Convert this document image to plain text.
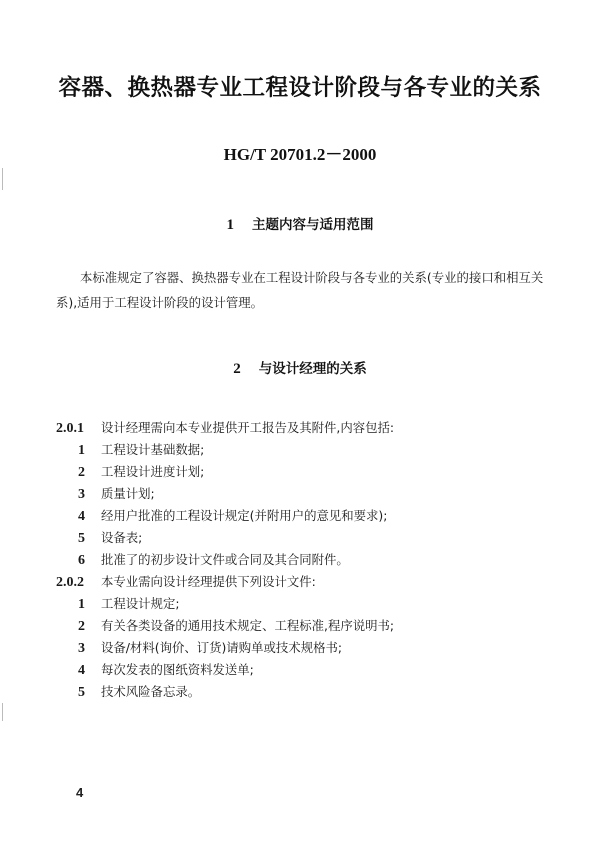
容器、换热器专业工程设计阶段与各专业的关系
HG/T 20701.2－2000
1 主题内容与适用范围
本标准规定了容器、换热器专业在工程设计阶段与各专业的关系(专业的接口和相互关
系),适用于工程设计阶段的设计管理。
2 与设计经理的关系
2.0.1 设计经理需向本专业提供开工报告及其附件,内容包括:
1 工程设计基础数据;
2 工程设计进度计划;
3 质量计划;
4 经用户批准的工程设计规定(并附用户的意见和要求);
5 设备表;
6 批准了的初步设计文件或合同及其合同附件。
2.0.2 本专业需向设计经理提供下列设计文件:
1 工程设计规定;
2 有关各类设备的通用技术规定、工程标准,程序说明书;
3 设备/材料(询价、订货)请购单或技术规格书;
4 每次发表的图纸资料发送单;
5 技术风险备忘录。
4
